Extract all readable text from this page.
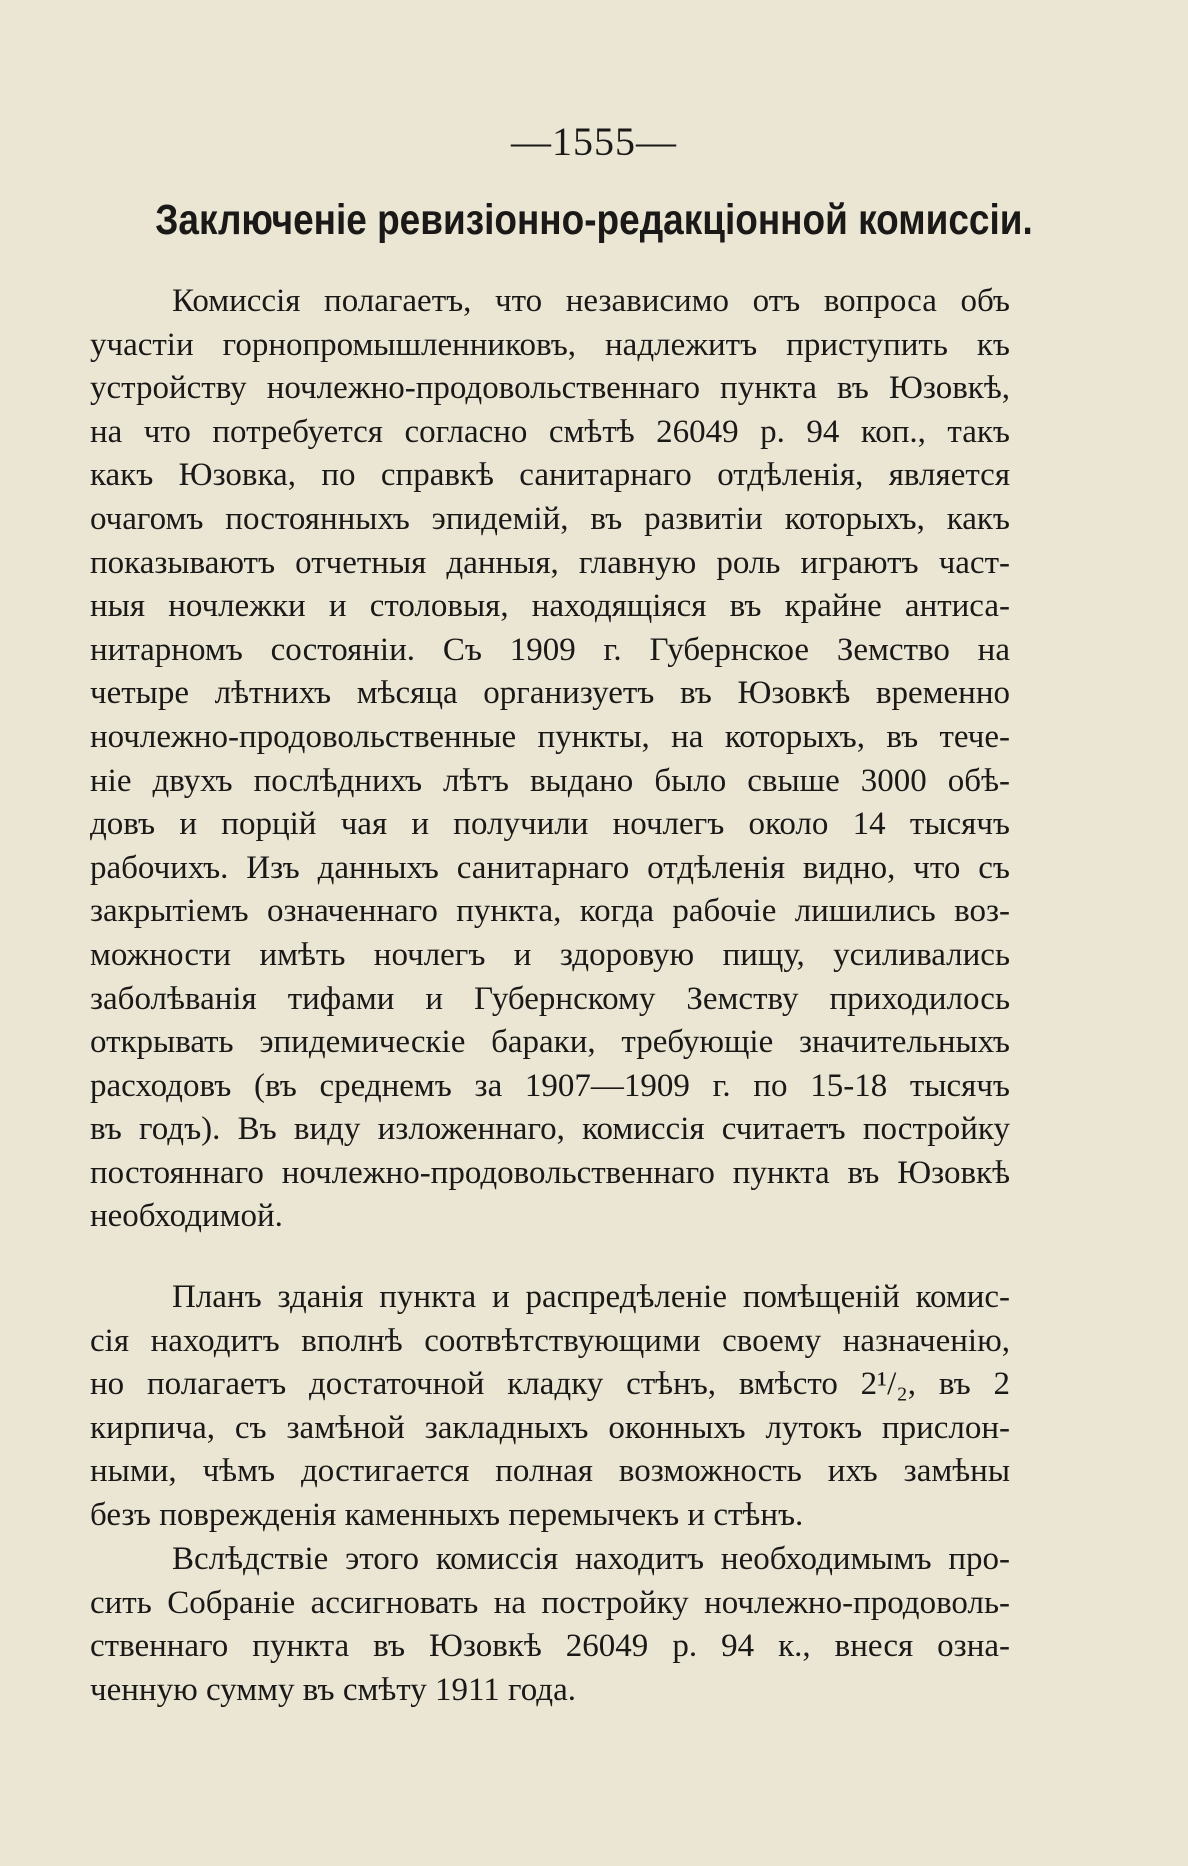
—1555—
Заключеніе ревизіонно-редакціонной комиссіи.
Комиссія полагаетъ, что независимо отъ вопроса объ
участіи горнопромышленниковъ, надлежитъ приступить къ
устройству ночлежно-продовольственнаго пункта въ Юзовкѣ,
на что потребуется согласно смѣтѣ 26049 р. 94 коп., такъ
какъ Юзовка, по справкѣ санитарнаго отдѣленія, является
очагомъ постоянныхъ эпидемій, въ развитіи которыхъ, какъ
показываютъ отчетныя данныя, главную роль играютъ част-
ныя ночлежки и столовыя, находящіяся въ крайне антиса-
нитарномъ состояніи. Съ 1909 г. Губернское Земство на
четыре лѣтнихъ мѣсяца организуетъ въ Юзовкѣ временно
ночлежно-продовольственные пункты, на которыхъ, въ тече-
ніе двухъ послѣднихъ лѣтъ выдано было свыше 3000 обѣ-
довъ и порцій чая и получили ночлегъ около 14 тысячъ
рабочихъ. Изъ данныхъ санитарнаго отдѣленія видно, что съ
закрытіемъ означеннаго пункта, когда рабочіе лишились воз-
можности имѣть ночлегъ и здоровую пищу, усиливались
заболѣванія тифами и Губернскому Земству приходилось
открывать эпидемическіе бараки, требующіе значительныхъ
расходовъ (въ среднемъ за 1907—1909 г. по 15-18 тысячъ
въ годъ). Въ виду изложеннаго, комиссія считаетъ постройку
постояннаго ночлежно-продовольственнаго пункта въ Юзовкѣ
необходимой.
Планъ зданія пункта и распредѣленіе помѣщеній комис-
сія находитъ вполнѣ соотвѣтствующими своему назначенію,
но полагаетъ достаточной кладку стѣнъ, вмѣсто 2¹/₂, въ 2
кирпича, съ замѣной закладныхъ оконныхъ лутокъ прислон-
ными, чѣмъ достигается полная возможность ихъ замѣны
безъ поврежденія каменныхъ перемычекъ и стѣнъ.
Вслѣдствіе этого комиссія находитъ необходимымъ про-
сить Собраніе ассигновать на постройку ночлежно-продоволь-
ственнаго пункта въ Юзовкѣ 26049 р. 94 к., внеся озна-
ченную сумму въ смѣту 1911 года.
